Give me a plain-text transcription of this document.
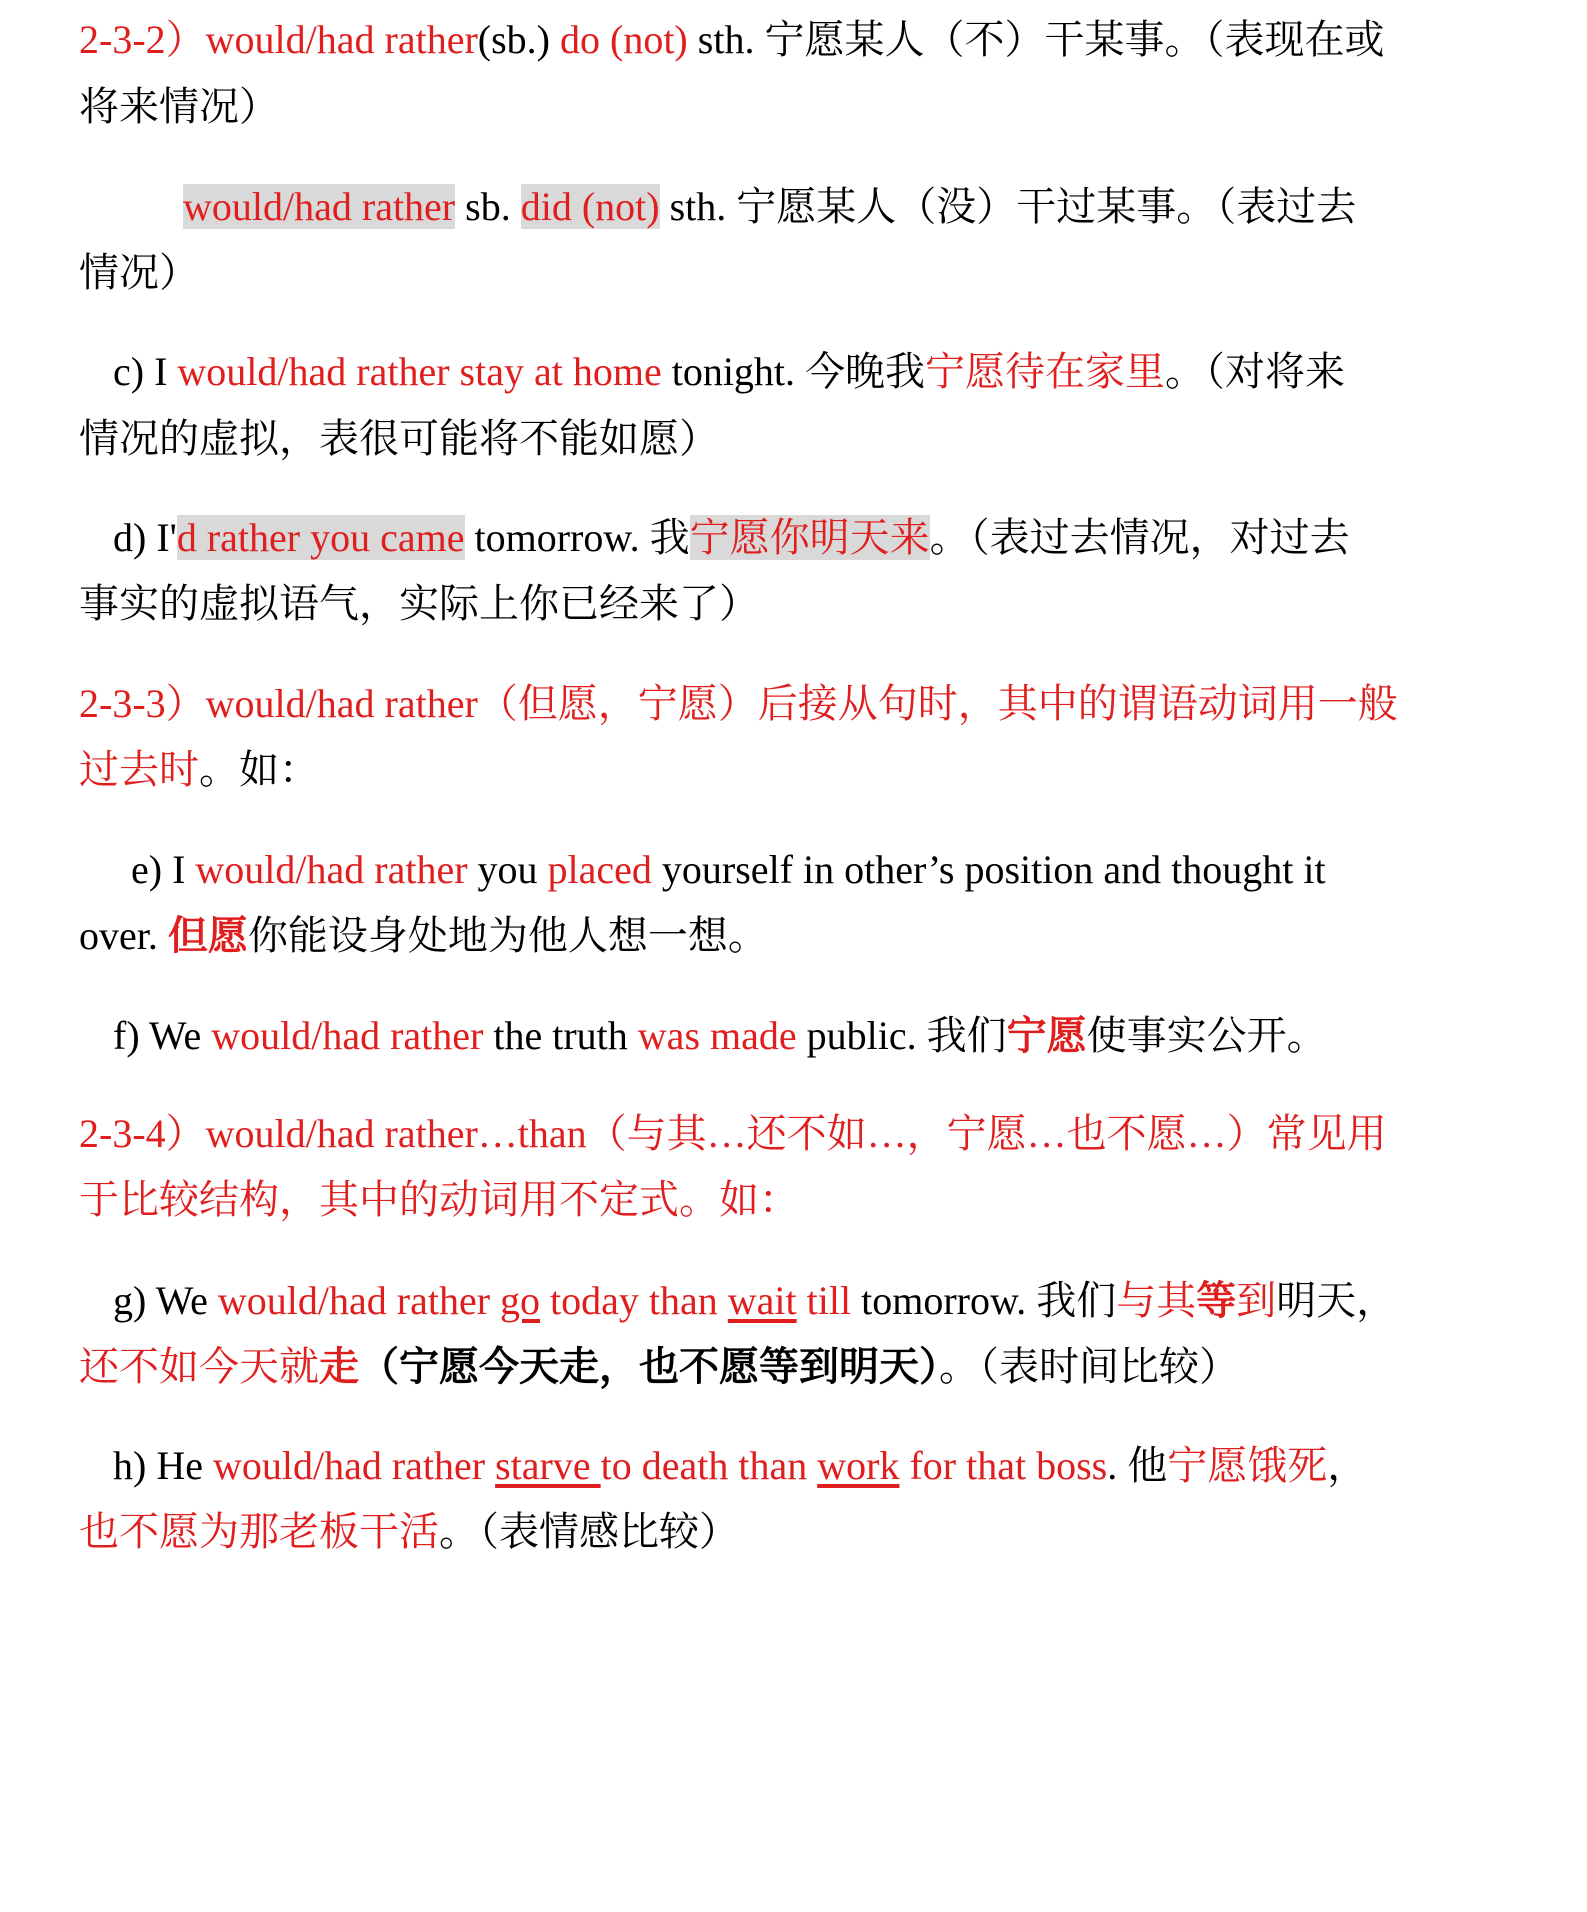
2-3-2）would/had rather(sb.) do (not) sth. 宁愿某人（不）干某事。（表现在或
将来情况）
would/had rather sb. did (not) sth. 宁愿某人（没）干过某事。（表过去
情况）
c) I would/had rather stay at home tonight. 今晚我宁愿待在家里。（对将来
情况的虚拟，表很可能将不能如愿）
d) I'd rather you came tomorrow. 我宁愿你明天来。（表过去情况，对过去
事实的虚拟语气，实际上你已经来了）
2-3-3）would/had rather（但愿，宁愿）后接从句时，其中的谓语动词用一般
过去时。如：
e) I would/had rather you placed yourself in other’s position and thought it
over. 但愿你能设身处地为他人想一想。
f) We would/had rather the truth was made public. 我们宁愿使事实公开。
2-3-4）would/had rather…than（与其…还不如…，宁愿…也不愿…）常见用
于比较结构，其中的动词用不定式。如：
g) We would/had rather go today than wait till tomorrow. 我们与其等到明天，
还不如今天就走（宁愿今天走，也不愿等到明天）。（表时间比较）
h) He would/had rather starve to death than work for that boss. 他宁愿饿死，
也不愿为那老板干活。（表情感比较）
